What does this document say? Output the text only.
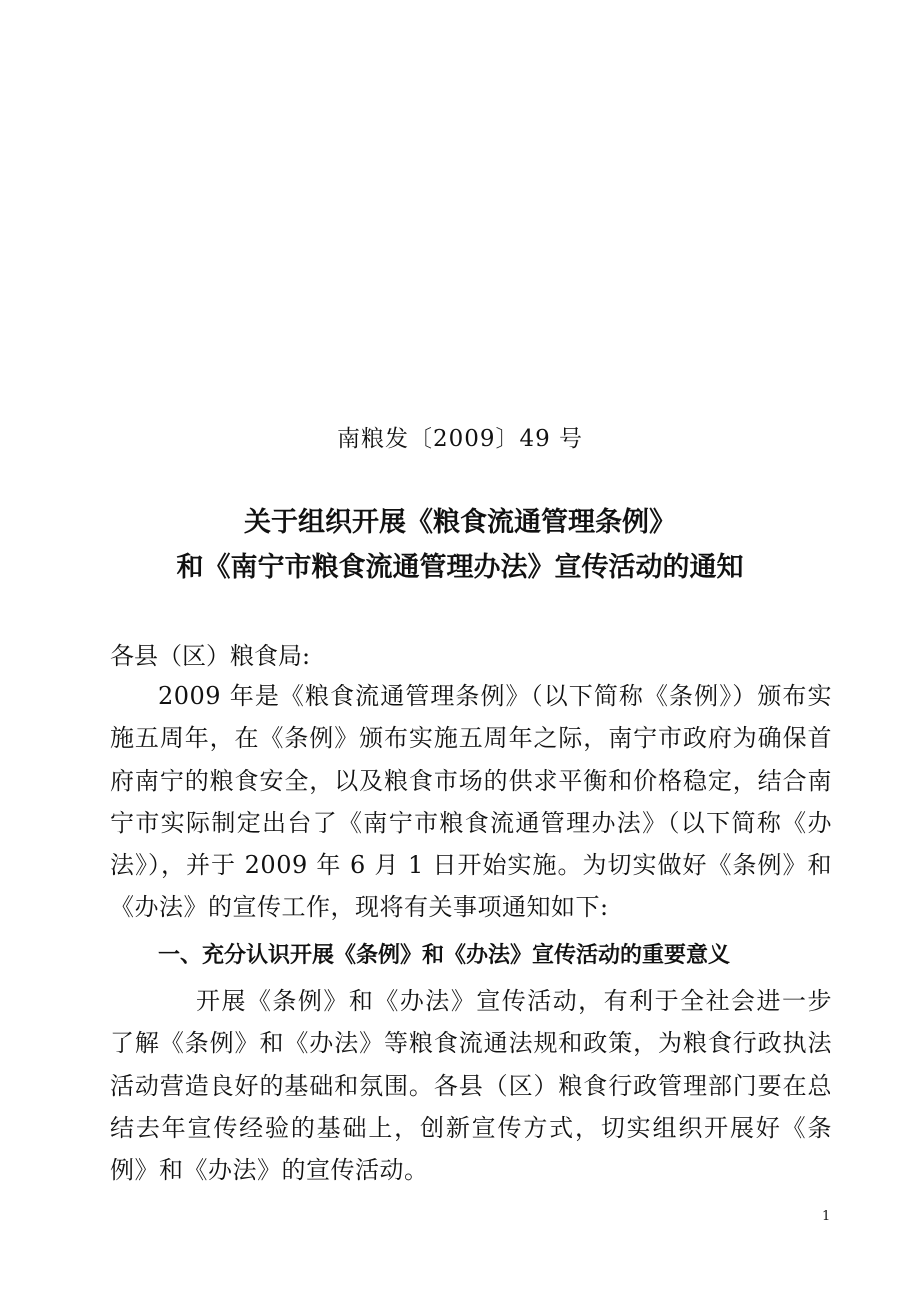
南粮发〔2009〕49 号
关于组织开展《粮食流通管理条例》
和《南宁市粮食流通管理办法》宣传活动的通知
各县（区）粮食局:
2009 年是《粮食流通管理条例》（以下简称《条例》）颁布实施五周年，在《条例》颁布实施五周年之际，南宁市政府为确保首府南宁的粮食安全，以及粮食市场的供求平衡和价格稳定，结合南宁市实际制定出台了《南宁市粮食流通管理办法》（以下简称《办法》），并于 2009 年 6 月 1 日开始实施。为切实做好《条例》和《办法》的宣传工作，现将有关事项通知如下:
一、充分认识开展《条例》和《办法》宣传活动的重要意义
开展《条例》和《办法》宣传活动，有利于全社会进一步了解《条例》和《办法》等粮食流通法规和政策，为粮食行政执法活动营造良好的基础和氛围。各县（区）粮食行政管理部门要在总结去年宣传经验的基础上，创新宣传方式，切实组织开展好《条例》和《办法》的宣传活动。
1
